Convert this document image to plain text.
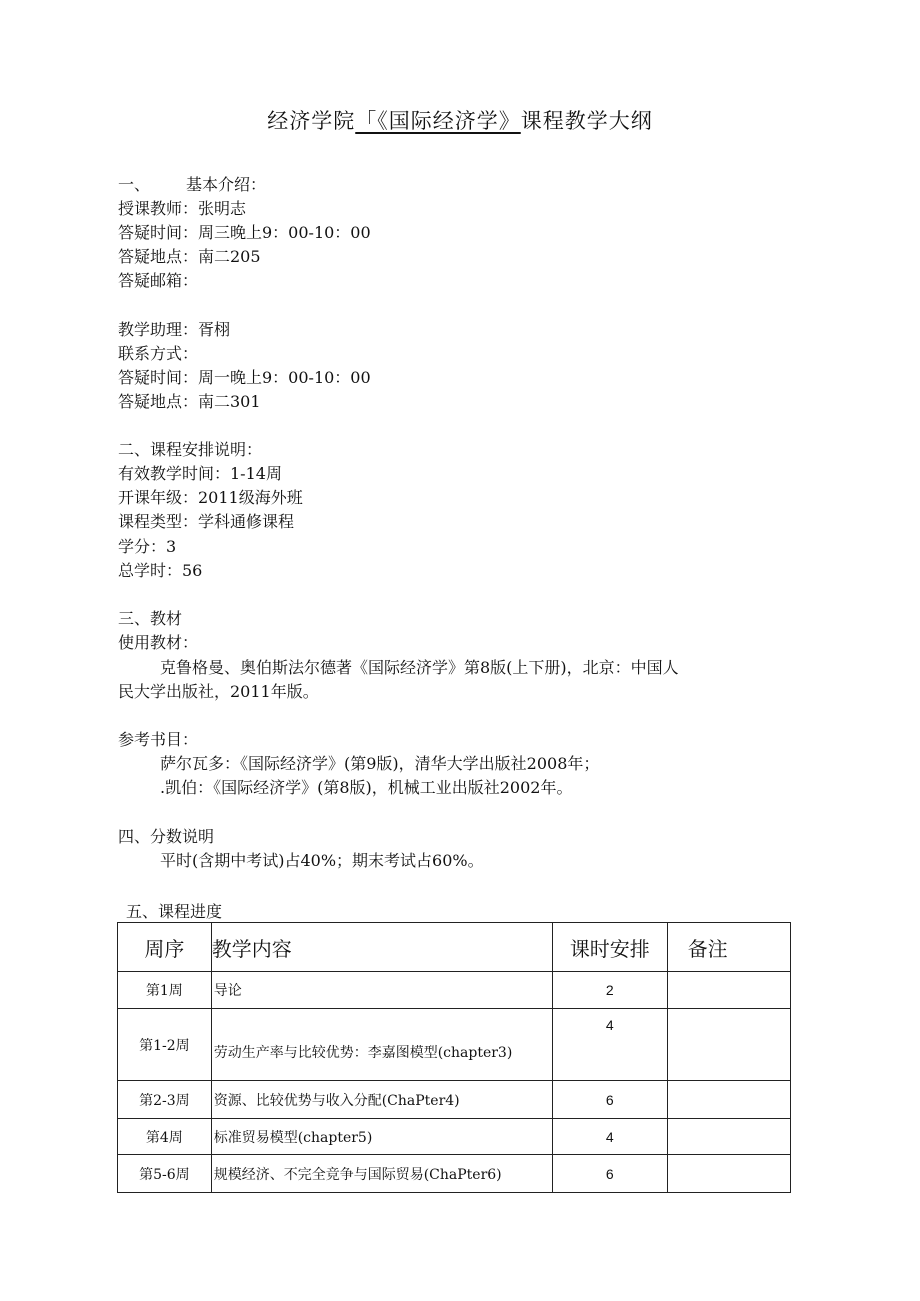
经济学院「《国际经济学》课程教学大纲
一、 基本介绍：
授课教师：张明志
答疑时间：周三晚上9：00-10：00
答疑地点：南二205
答疑邮箱：
教学助理：胥栩
联系方式：
答疑时间：周一晚上9：00-10：00
答疑地点：南二301
二、课程安排说明：
有效教学时间：1-14周
开课年级：2011级海外班
课程类型：学科通修课程
学分：3
总学时：56
三、教材
使用教材：
克鲁格曼、奥伯斯法尔德著《国际经济学》第8版(上下册)，北京：中国人
民大学出版社，2011年版。
参考书目：
萨尔瓦多：《国际经济学》(第9版)，清华大学出版社2008年；
.凯伯：《国际经济学》(第8版)，机械工业出版社2002年。
四、分数说明
平时(含期中考试)占40%；期末考试占60%。
五、课程进度
周序	教学内容	课时安排	备注
第1周	导论	2	
第1-2周	劳动生产率与比较优势：李嘉图模型(chapter3)	4	
第2-3周	资源、比较优势与收入分配(ChaPter4)	6	
第4周	标准贸易模型(chapter5)	4	
第5-6周	规模经济、不完全竞争与国际贸易(ChaPter6)	6	
